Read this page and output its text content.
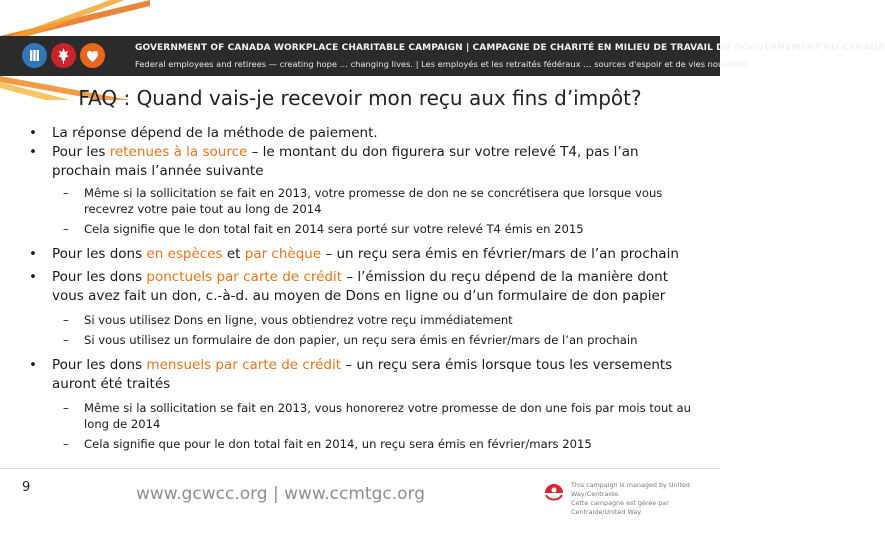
GOVERNMENT OF CANADA WORKPLACE CHARITABLE CAMPAIGN | CAMPAGNE DE CHARITÉ EN MILIEU DE TRAVAIL DU GOUVERNEMENT DU CANADA
Federal employees and retirees — creating hope … changing lives. | Les employés et les retraités fédéraux … sources d'espoir et de vies nouvelles.
FAQ : Quand vais-je recevoir mon reçu aux fins d’impôt?
• La réponse dépend de la méthode de paiement.
• Pour les retenues à la source – le montant du don figurera sur votre relevé T4, pas l’an prochain mais l’année suivante
– Même si la sollicitation se fait en 2013, votre promesse de don ne se concrétisera que lorsque vous recevrez votre paie tout au long de 2014
– Cela signifie que le don total fait en 2014 sera porté sur votre relevé T4 émis en 2015
• Pour les dons en espèces et par chèque – un reçu sera émis en février/mars de l’an prochain
• Pour les dons ponctuels par carte de crédit – l’émission du reçu dépend de la manière dont vous avez fait un don, c.-à-d. au moyen de Dons en ligne ou d’un formulaire de don papier
– Si vous utilisez Dons en ligne, vous obtiendrez votre reçu immédiatement
– Si vous utilisez un formulaire de don papier, un reçu sera émis en février/mars de l’an prochain
• Pour les dons mensuels par carte de crédit – un reçu sera émis lorsque tous les versements auront été traités
– Même si la sollicitation se fait en 2013, vous honorerez votre promesse de don une fois par mois tout au long de 2014
– Cela signifie que pour le don total fait en 2014, un reçu sera émis en février/mars 2015
9	www.gcwcc.org | www.ccmtgc.org	This campaign is managed by United Way/Centraide.
Cette campagne est gérée par Centraide/United Way.
